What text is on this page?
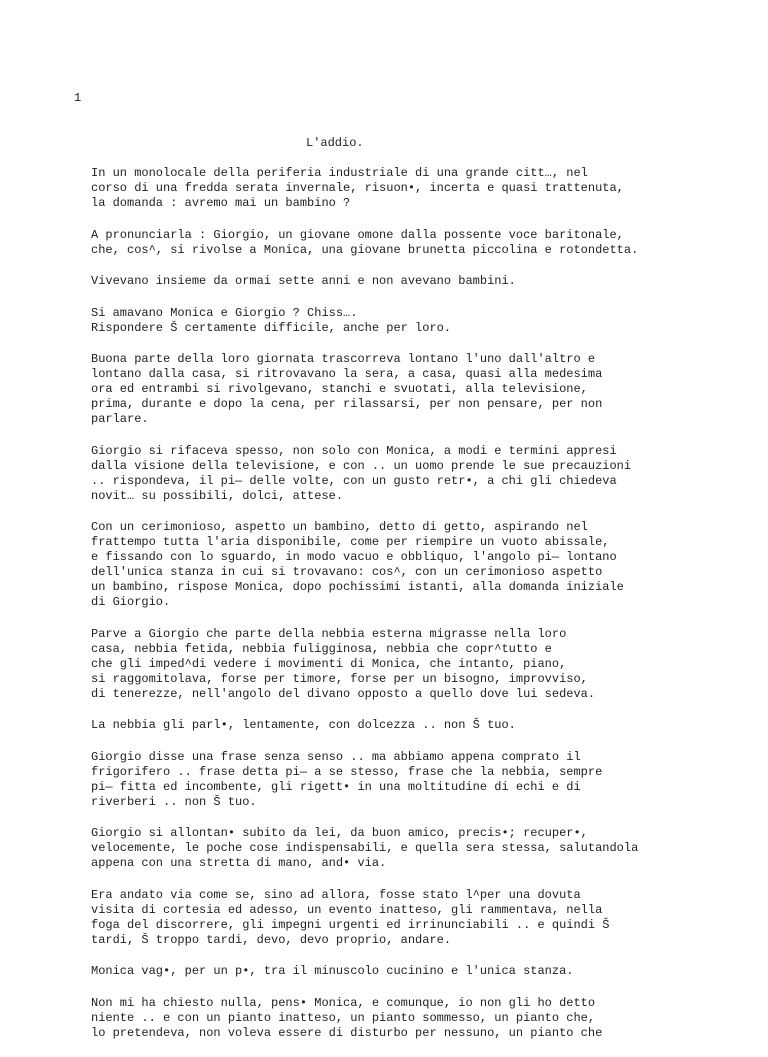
1
L'addio.
In un monolocale della periferia industriale di una grande citt…, nel
corso di una fredda serata invernale, risuon•, incerta e quasi trattenuta,
la domanda : avremo mai un bambino ?
A pronunciarla : Giorgio, un giovane omone dalla possente voce baritonale,
che, cos^, si rivolse a Monica, una giovane brunetta piccolina e rotondetta.
Vivevano insieme da ormai sette anni e non avevano bambini.
Si amavano Monica e Giorgio ? Chiss….
Rispondere Š certamente difficile, anche per loro.
Buona parte della loro giornata trascorreva lontano l'uno dall'altro e
lontano dalla casa, si ritrovavano la sera, a casa, quasi alla medesima
ora ed entrambi si rivolgevano, stanchi e svuotati, alla televisione,
prima, durante e dopo la cena, per rilassarsi, per non pensare, per non
parlare.
Giorgio si rifaceva spesso, non solo con Monica, a modi e termini appresi
dalla visione della televisione, e con .. un uomo prende le sue precauzioni
.. rispondeva, il pi— delle volte, con un gusto retr•, a chi gli chiedeva
novit… su possibili, dolci, attese.
Con un cerimonioso, aspetto un bambino, detto di getto, aspirando nel
frattempo tutta l'aria disponibile, come per riempire un vuoto abissale,
e fissando con lo sguardo, in modo vacuo e obbliquo, l'angolo pi— lontano
dell'unica stanza in cui si trovavano: cos^, con un cerimonioso aspetto
un bambino, rispose Monica, dopo pochissimi istanti, alla domanda iniziale
di Giorgio.
Parve a Giorgio che parte della nebbia esterna migrasse nella loro
casa, nebbia fetida, nebbia fuligginosa, nebbia che copr^tutto e
che gli imped^di vedere i movimenti di Monica, che intanto, piano,
si raggomitolava, forse per timore, forse per un bisogno, improvviso,
di tenerezze, nell'angolo del divano opposto a quello dove lui sedeva.
La nebbia gli parl•, lentamente, con dolcezza .. non Š tuo.
Giorgio disse una frase senza senso .. ma abbiamo appena comprato il
frigorifero .. frase detta pi— a se stesso, frase che la nebbia, sempre
pi— fitta ed incombente, gli rigett• in una moltitudine di echi e di
riverberi .. non Š tuo.
Giorgio si allontan• subito da lei, da buon amico, precis•; recuper•,
velocemente, le poche cose indispensabili, e quella sera stessa, salutandola
appena con una stretta di mano, and• via.
Era andato via come se, sino ad allora, fosse stato l^per una dovuta
visita di cortesia ed adesso, un evento inatteso, gli rammentava, nella
foga del discorrere, gli impegni urgenti ed irrinunciabili .. e quindi Š
tardi, Š troppo tardi, devo, devo proprio, andare.
Monica vag•, per un p•, tra il minuscolo cucinino e l'unica stanza.
Non mi ha chiesto nulla, pens• Monica, e comunque, io non gli ho detto
niente .. e con un pianto inatteso, un pianto sommesso, un pianto che,
lo pretendeva, non voleva essere di disturbo per nessuno, un pianto che
